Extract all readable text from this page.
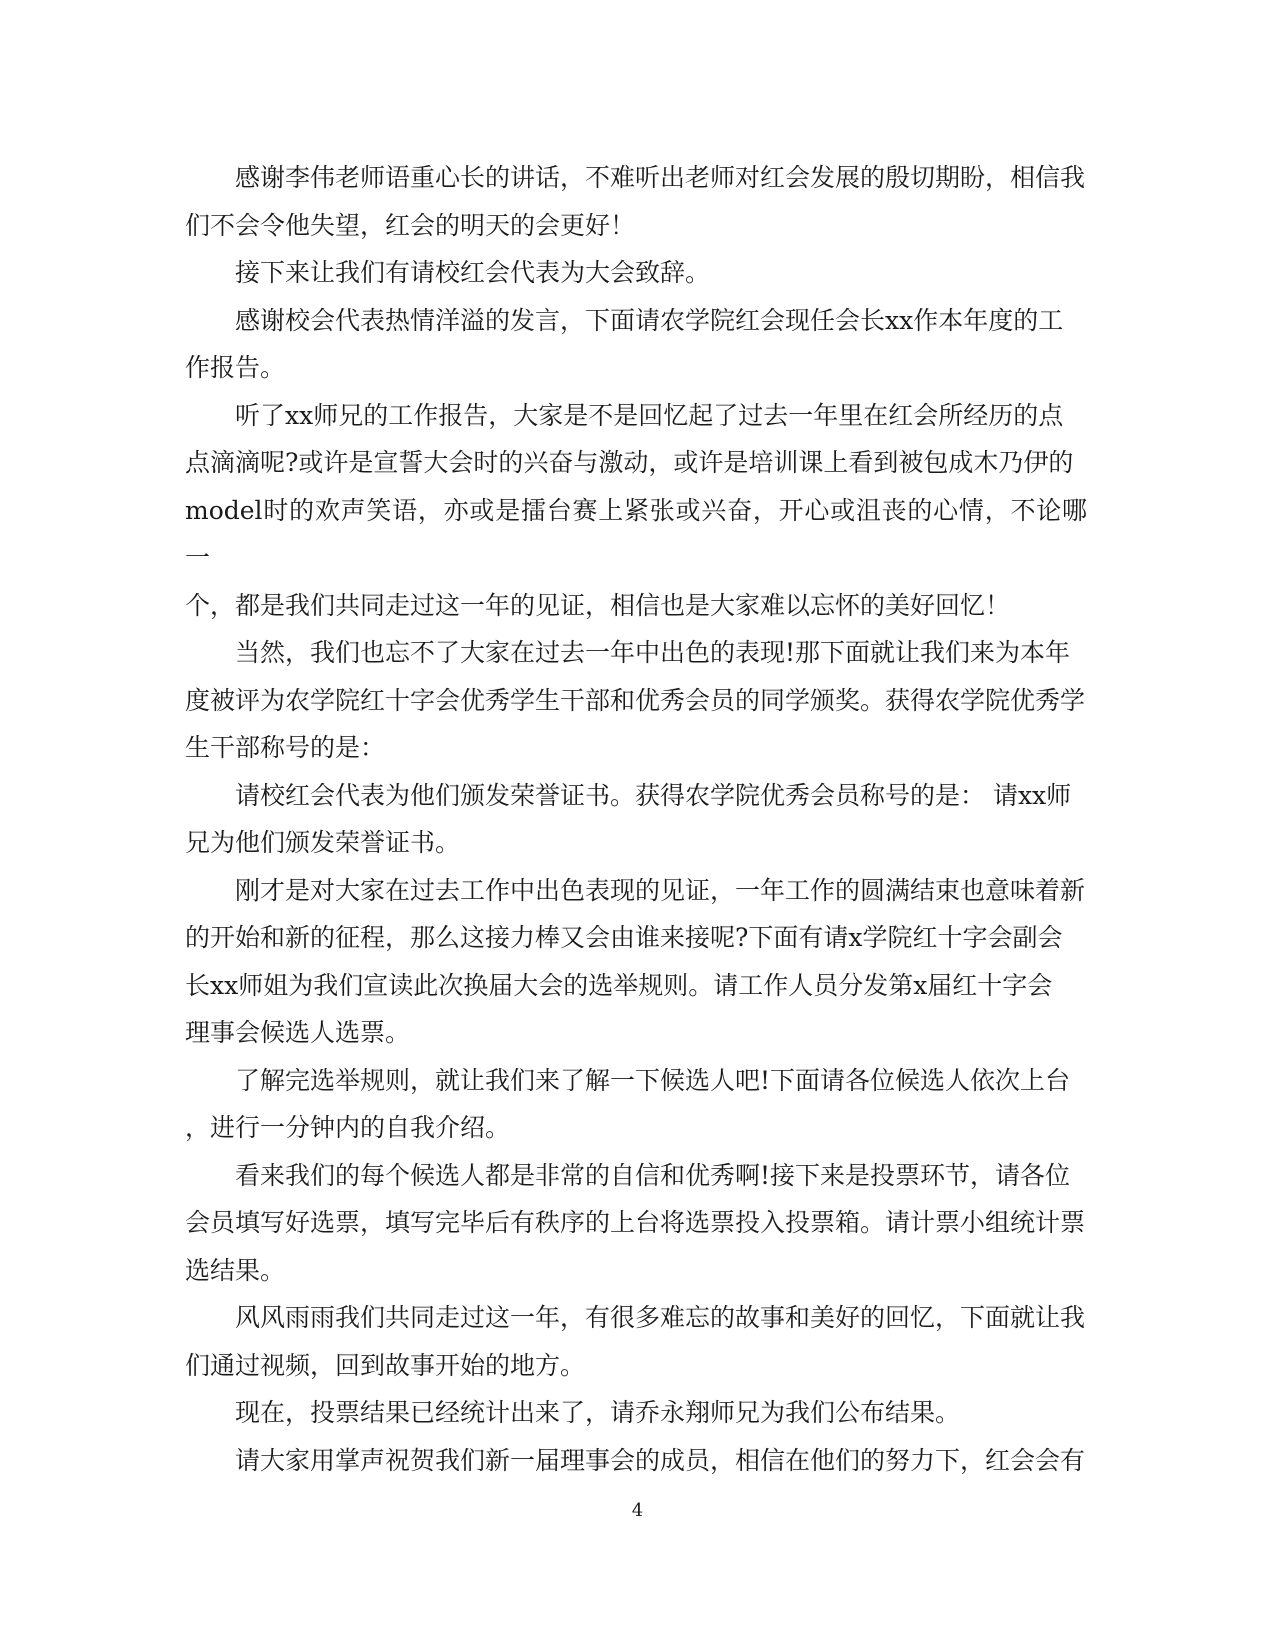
感谢李伟老师语重心长的讲话，不难听出老师对红会发展的殷切期盼，相信我
们不会令他失望，红会的明天的会更好！

接下来让我们有请校红会代表为大会致辞。

感谢校会代表热情洋溢的发言，下面请农学院红会现任会长xx作本年度的工
作报告。

听了xx师兄的工作报告，大家是不是回忆起了过去一年里在红会所经历的点
点滴滴呢?或许是宣誓大会时的兴奋与激动，或许是培训课上看到被包成木乃伊的
model时的欢声笑语，亦或是擂台赛上紧张或兴奋，开心或沮丧的心情，不论哪一
个，都是我们共同走过这一年的见证，相信也是大家难以忘怀的美好回忆！

当然，我们也忘不了大家在过去一年中出色的表现!那下面就让我们来为本年
度被评为农学院红十字会优秀学生干部和优秀会员的同学颁奖。获得农学院优秀学
生干部称号的是：

请校红会代表为他们颁发荣誉证书。获得农学院优秀会员称号的是： 请xx师
兄为他们颁发荣誉证书。

刚才是对大家在过去工作中出色表现的见证，一年工作的圆满结束也意味着新
的开始和新的征程，那么这接力棒又会由谁来接呢?下面有请x学院红十字会副会
长xx师姐为我们宣读此次换届大会的选举规则。请工作人员分发第x届红十字会
理事会候选人选票。

了解完选举规则，就让我们来了解一下候选人吧!下面请各位候选人依次上台
，进行一分钟内的自我介绍。

看来我们的每个候选人都是非常的自信和优秀啊!接下来是投票环节，请各位
会员填写好选票，填写完毕后有秩序的上台将选票投入投票箱。请计票小组统计票
选结果。

风风雨雨我们共同走过这一年，有很多难忘的故事和美好的回忆，下面就让我
们通过视频，回到故事开始的地方。

现在，投票结果已经统计出来了，请乔永翔师兄为我们公布结果。

请大家用掌声祝贺我们新一届理事会的成员，相信在他们的努力下，红会会有

4
